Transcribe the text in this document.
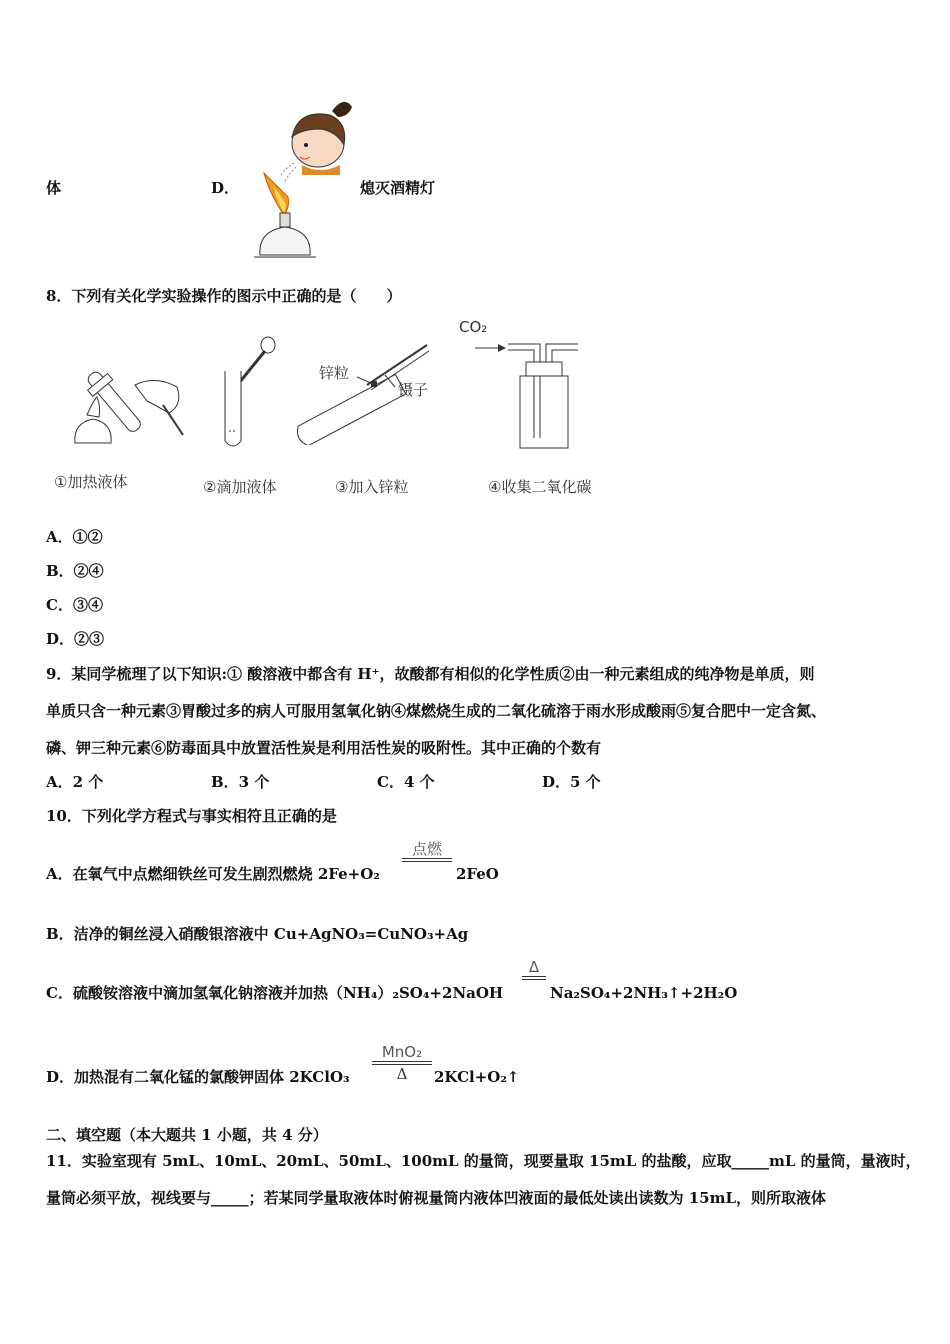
体	D．	熄灭酒精灯
8．下列有关化学实验操作的图示中正确的是（　　）
①加热液体	②滴加液体
锌粒
镊子
③加入锌粒
CO₂
④收集二氧化碳
A．①②
B．②④
C．③④
D．②③
9．某同学梳理了以下知识:① 酸溶液中都含有 H⁺，故酸都有相似的化学性质②由一种元素组成的纯净物是单质，则
单质只含一种元素③胃酸过多的病人可服用氢氧化钠④煤燃烧生成的二氧化硫溶于雨水形成酸雨⑤复合肥中一定含氮、
磷、钾三种元素⑥防毒面具中放置活性炭是利用活性炭的吸附性。其中正确的个数有
A．2 个	B．3 个	C．4 个	D．5 个
10．下列化学方程式与事实相符且正确的是
A．在氧气中点燃细铁丝可发生剧烈燃烧 2Fe+O₂
点燃
2FeO
B．洁净的铜丝浸入硝酸银溶液中 Cu+AgNO₃=CuNO₃+Ag
C．硫酸铵溶液中滴加氢氧化钠溶液并加热（NH₄）₂SO₄+2NaOH
Δ
Na₂SO₄+2NH₃↑+2H₂O
D．加热混有二氧化锰的氯酸钾固体 2KClO₃
MnO₂
Δ	2KCl+O₂↑
二、填空题（本大题共 1 小题，共 4 分）
11．实验室现有 5mL、10mL、20mL、50mL、100mL 的量筒，现要量取 15mL 的盐酸，应取_____mL 的量筒，量液时，
量筒必须平放，视线要与_____；若某同学量取液体时俯视量筒内液体凹液面的最低处读出读数为 15mL，则所取液体
